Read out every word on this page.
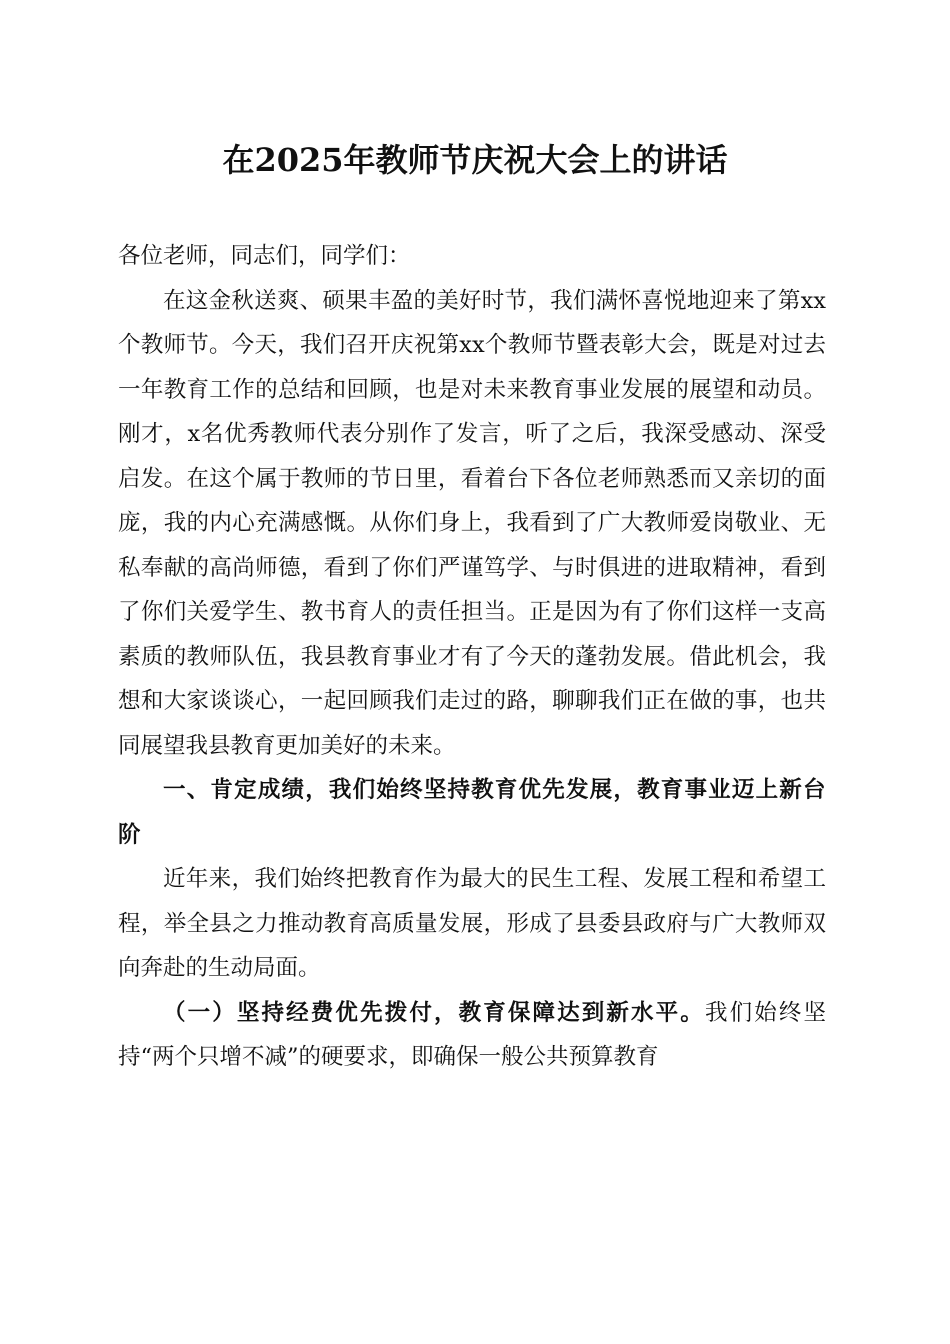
在2025年教师节庆祝大会上的讲话

各位老师，同志们，同学们：

在这金秋送爽、硕果丰盈的美好时节，我们满怀喜悦地迎来了第xx个教师节。今天，我们召开庆祝第xx个教师节暨表彰大会，既是对过去一年教育工作的总结和回顾，也是对未来教育事业发展的展望和动员。刚才，x名优秀教师代表分别作了发言，听了之后，我深受感动、深受启发。在这个属于教师的节日里，看着台下各位老师熟悉而又亲切的面庞，我的内心充满感慨。从你们身上，我看到了广大教师爱岗敬业、无私奉献的高尚师德，看到了你们严谨笃学、与时俱进的进取精神，看到了你们关爱学生、教书育人的责任担当。正是因为有了你们这样一支高素质的教师队伍，我县教育事业才有了今天的蓬勃发展。借此机会，我想和大家谈谈心，一起回顾我们走过的路，聊聊我们正在做的事，也共同展望我县教育更加美好的未来。

一、肯定成绩，我们始终坚持教育优先发展，教育事业迈上新台阶

近年来，我们始终把教育作为最大的民生工程、发展工程和希望工程，举全县之力推动教育高质量发展，形成了县委县政府与广大教师双向奔赴的生动局面。

（一）坚持经费优先拨付，教育保障达到新水平。我们始终坚持“两个只增不减”的硬要求，即确保一般公共预算教育
